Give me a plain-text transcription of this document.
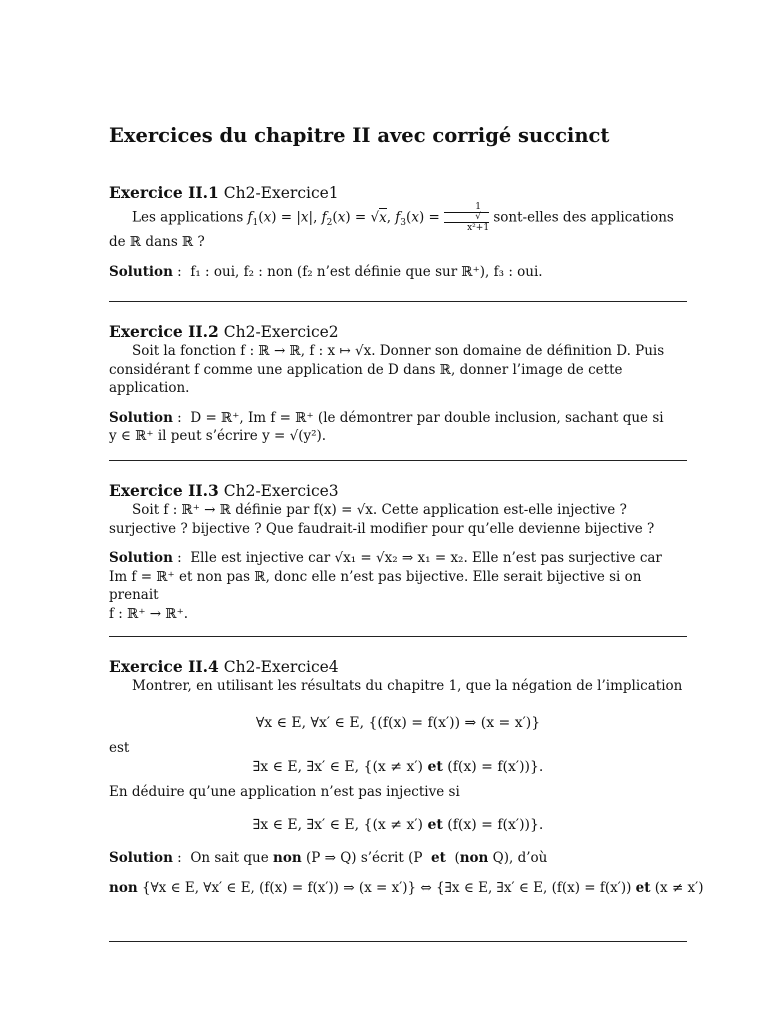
Exercices du chapitre II avec corrigé succinct
Exercice II.1 Ch2-Exercice1

Les applications $f_1(x) = |x|$, $f_2(x) = √x$, $f_3(x) = 1$
√
x²+1 sont-elles des applications

de ℝ dans ℝ ?

Solution :  f₁ : oui, f₂ : non (f₂ n’est définie que sur ℝ⁺), f₃ : oui.

Exercice II.2 Ch2-Exercice2

Soit la fonction f : ℝ → ℝ, f : x ↦ √x. Donner son domaine de définition D. Puis considérant f comme une application de D dans ℝ, donner l’image de cette application.

Solution :  D = ℝ⁺, Im f = ℝ⁺ (le démontrer par double inclusion, sachant que si
y ∈ ℝ⁺ il peut s’écrire y = √(y²).

Exercice II.3 Ch2-Exercice3

Soit f : ℝ⁺ → ℝ définie par f(x) = √x. Cette application est-elle injective ? surjective ? bijective ? Que faudrait-il modifier pour qu’elle devienne bijective ?

Solution :  Elle est injective car √x₁ = √x₂ ⇒ x₁ = x₂. Elle n’est pas surjective car
Im f = ℝ⁺ et non pas ℝ, donc elle n’est pas bijective. Elle serait bijective si on prenait
f : ℝ⁺ → ℝ⁺.

Exercice II.4 Ch2-Exercice4

Montrer, en utilisant les résultats du chapitre 1, que la négation de l’implication

∀x ∈ E, ∀x′ ∈ E, {(f(x) = f(x′)) ⇒ (x = x′)}

est

∃x ∈ E, ∃x′ ∈ E, {(x ≠ x′) et (f(x) = f(x′))}.

En déduire qu’une application n’est pas injective si

∃x ∈ E, ∃x′ ∈ E, {(x ≠ x′) et (f(x) = f(x′))}.

Solution :  On sait que non (P ⇒ Q) s’écrit (P et (non Q), d’où

non {∀x ∈ E, ∀x′ ∈ E, (f(x) = f(x′)) ⇒ (x = x′)} ⇔ {∃x ∈ E, ∃x′ ∈ E, (f(x) = f(x′)) et (x ≠ x′)
